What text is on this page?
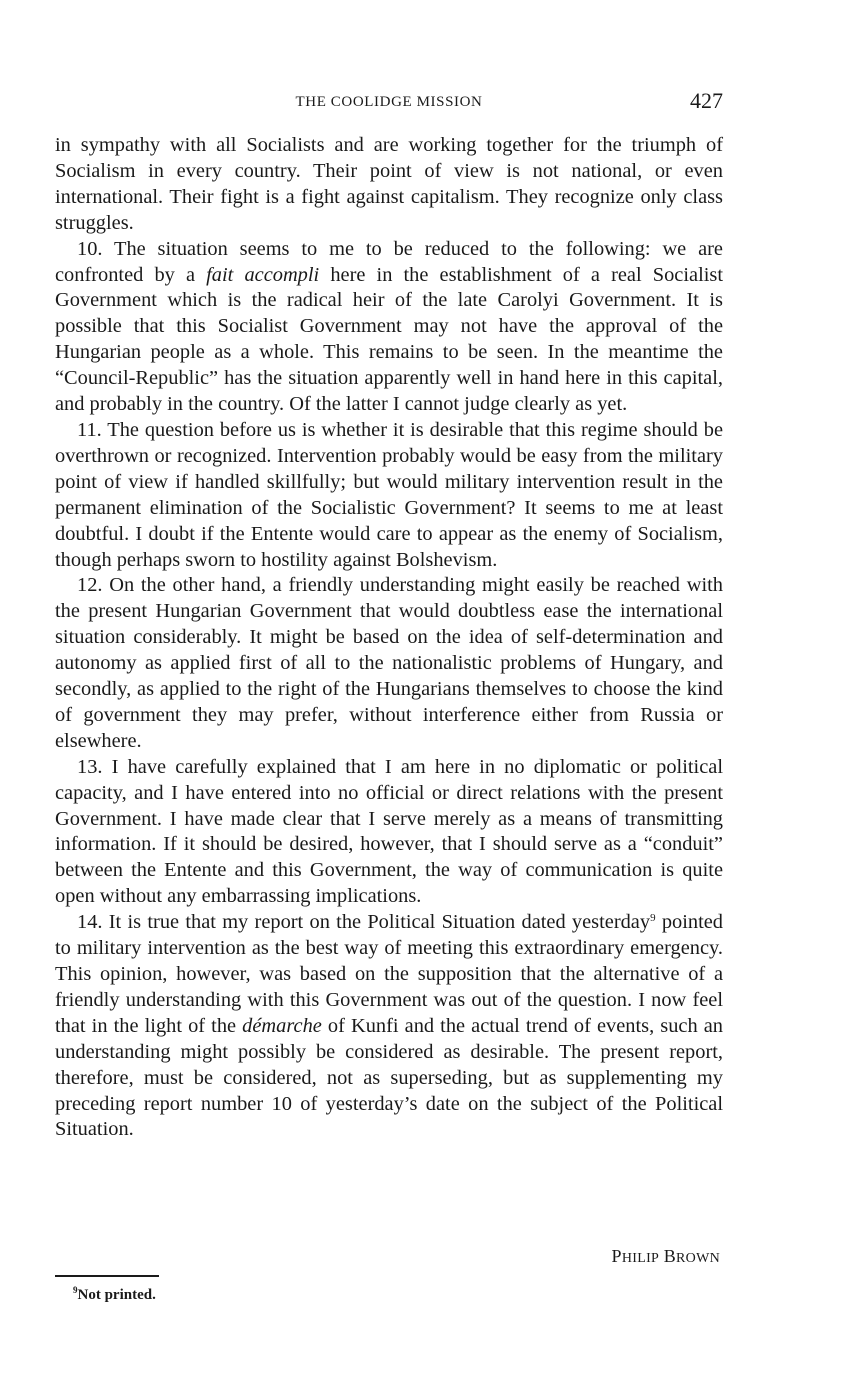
THE COOLIDGE MISSION	427

in sympathy with all Socialists and are working together for the triumph of Socialism in every country. Their point of view is not national, or even international. Their fight is a fight against capitalism. They recognize only class struggles.

10. The situation seems to me to be reduced to the following: we are confronted by a fait accompli here in the establishment of a real Socialist Government which is the radical heir of the late Carolyi Government. It is possible that this Socialist Government may not have the approval of the Hungarian people as a whole. This remains to be seen. In the meantime the “Council-Republic” has the situation apparently well in hand here in this capital, and probably in the country. Of the latter I cannot judge clearly as yet.

11. The question before us is whether it is desirable that this regime should be overthrown or recognized. Intervention probably would be easy from the military point of view if handled skillfully; but would military intervention result in the permanent elimination of the Socialistic Government? It seems to me at least doubtful. I doubt if the Entente would care to appear as the enemy of Socialism, though perhaps sworn to hostility against Bolshevism.

12. On the other hand, a friendly understanding might easily be reached with the present Hungarian Government that would doubtless ease the international situation considerably. It might be based on the idea of self-determination and autonomy as applied first of all to the nationalistic problems of Hungary, and secondly, as applied to the right of the Hungarians themselves to choose the kind of government they may prefer, without interference either from Russia or elsewhere.

13. I have carefully explained that I am here in no diplomatic or political capacity, and I have entered into no official or direct relations with the present Government. I have made clear that I serve merely as a means of transmitting information. If it should be desired, however, that I should serve as a “conduit” between the Entente and this Government, the way of communication is quite open without any embarrassing implications.

14. It is true that my report on the Political Situation dated yesterday$^9$ pointed to military intervention as the best way of meeting this extraordinary emergency. This opinion, however, was based on the supposition that the alternative of a friendly understanding with this Government was out of the question. I now feel that in the light of the démarche of Kunfi and the actual trend of events, such an understanding might possibly be considered as desirable. The present report, therefore, must be considered, not as superseding, but as supplementing my preceding report number 10 of yesterday’s date on the subject of the Political Situation.

PHILIP BROWN
$^9$Not printed.
